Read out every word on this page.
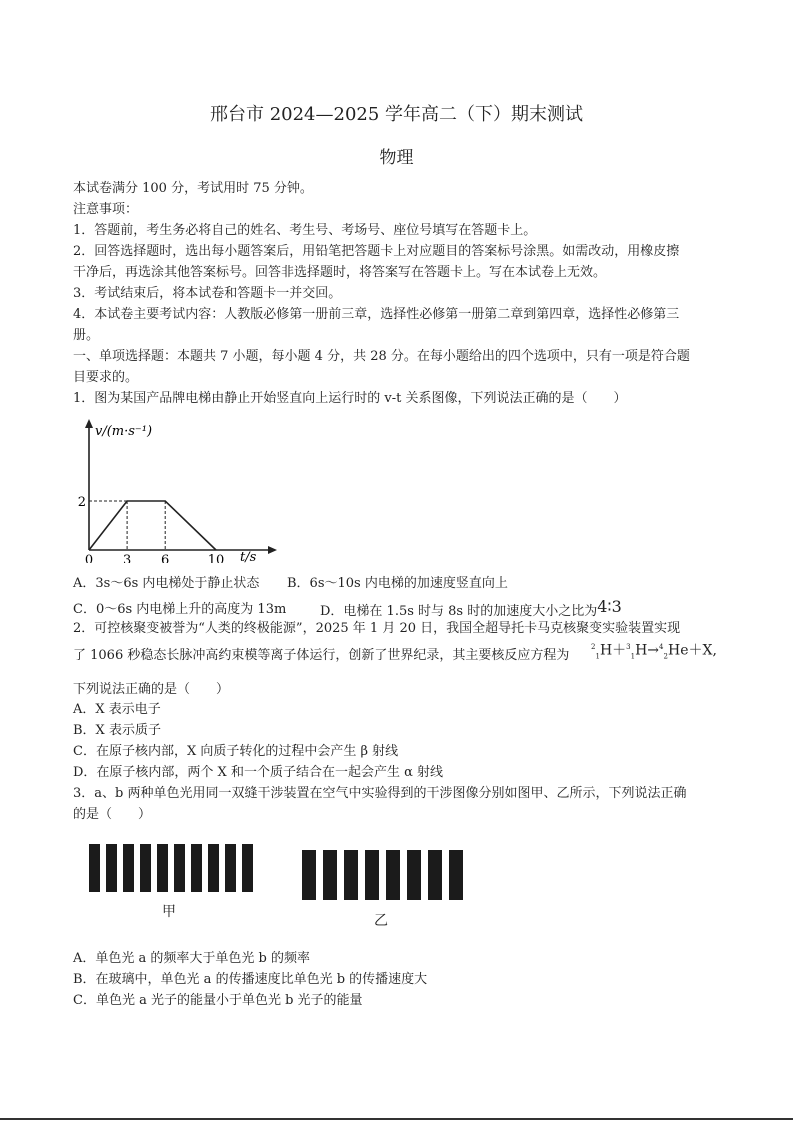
邢台市 2024—2025 学年高二（下）期末测试
物理
本试卷满分 100 分，考试用时 75 分钟。
注意事项：
1．答题前，考生务必将自己的姓名、考生号、考场号、座位号填写在答题卡上。
2．回答选择题时，选出每小题答案后，用铅笔把答题卡上对应题目的答案标号涂黑。如需改动，用橡皮擦
干净后，再选涂其他答案标号。回答非选择题时，将答案写在答题卡上。写在本试卷上无效。
3．考试结束后，将本试卷和答题卡一并交回。
4．本试卷主要考试内容：人教版必修第一册前三章，选择性必修第一册第二章到第四章，选择性必修第三
册。
一、单项选择题：本题共 7 小题，每小题 4 分，共 28 分。在每小题给出的四个选项中，只有一项是符合题
目要求的。
1．图为某国产品牌电梯由静止开始竖直向上运行时的 v-t 关系图像，下列说法正确的是（　　）
v/(m·s⁻¹)
t/s
0 3 6	10
2
A．3s～6s 内电梯处于静止状态 B．6s～10s 内电梯的加速度竖直向上
C．0～6s 内电梯上升的高度为 13m	D．电梯在 1.5s 时与 8s 时的加速度大小之比为4∶3
2．可控核聚变被誉为“人类的终极能源”，2025 年 1 月 20 日，我国全超导托卡马克核聚变实验装置实现
了 1066 秒稳态长脉冲高约束模等离子体运行，创新了世界纪录，其主要核反应方程为
$^2_1$H＋$^3_1$H→$^4_2$He＋X,
下列说法正确的是（　　）
A．X 表示电子
B．X 表示质子
C．在原子核内部，X 向质子转化的过程中会产生 β 射线
D．在原子核内部，两个 X 和一个质子结合在一起会产生 α 射线
3．a、b 两种单色光用同一双缝干涉装置在空气中实验得到的干涉图像分别如图甲、乙所示，下列说法正确
的是（　　）
甲
乙
A．单色光 a 的频率大于单色光 b 的频率
B．在玻璃中，单色光 a 的传播速度比单色光 b 的传播速度大
C．单色光 a 光子的能量小于单色光 b 光子的能量
